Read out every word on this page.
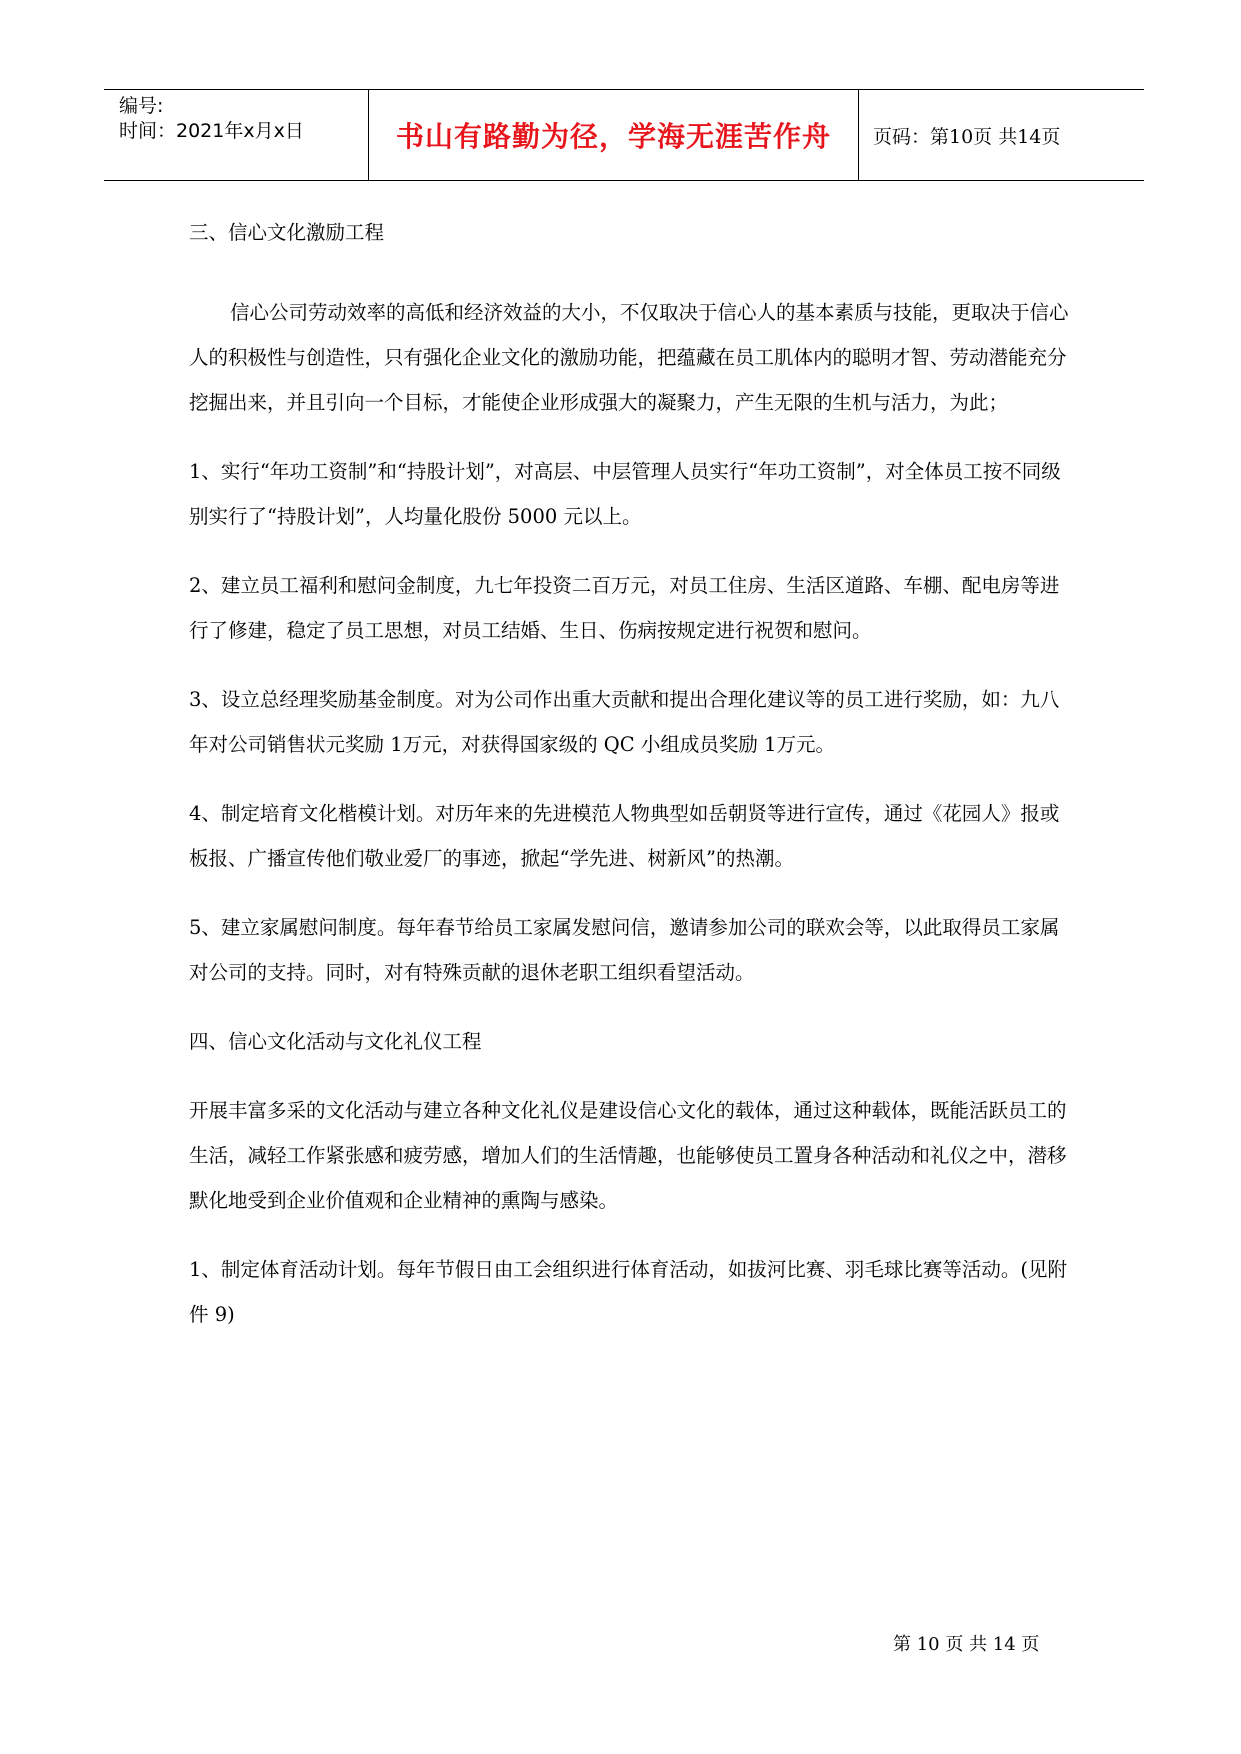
编号:
时间：2021年x月x日	书山有路勤为径，学海无涯苦作舟 页码：第10页 共14页

三、信心文化激励工程

信心公司劳动效率的高低和经济效益的大小，不仅取决于信心人的基本素质与技能，更取决于信心人的积极性与创造性，只有强化企业文化的激励功能，把蕴藏在员工肌体内的聪明才智、劳动潜能充分挖掘出来，并且引向一个目标，才能使企业形成强大的凝聚力，产生无限的生机与活力，为此；

1、实行“年功工资制”和“持股计划”，对高层、中层管理人员实行“年功工资制”，对全体员工按不同级别实行了“持股计划”，人均量化股份 5000 元以上。

2、建立员工福利和慰问金制度，九七年投资二百万元，对员工住房、生活区道路、车棚、配电房等进行了修建，稳定了员工思想，对员工结婚、生日、伤病按规定进行祝贺和慰问。

3、设立总经理奖励基金制度。对为公司作出重大贡献和提出合理化建议等的员工进行奖励，如：九八年对公司销售状元奖励 1万元，对获得国家级的 QC 小组成员奖励 1万元。

4、制定培育文化楷模计划。对历年来的先进模范人物典型如岳朝贤等进行宣传，通过《花园人》报或板报、广播宣传他们敬业爱厂的事迹，掀起“学先进、树新风”的热潮。

5、建立家属慰问制度。每年春节给员工家属发慰问信，邀请参加公司的联欢会等，以此取得员工家属对公司的支持。同时，对有特殊贡献的退休老职工组织看望活动。

四、信心文化活动与文化礼仪工程

开展丰富多采的文化活动与建立各种文化礼仪是建设信心文化的载体，通过这种载体，既能活跃员工的生活，减轻工作紧张感和疲劳感，增加人们的生活情趣，也能够使员工置身各种活动和礼仪之中，潜移默化地受到企业价值观和企业精神的熏陶与感染。

1、制定体育活动计划。每年节假日由工会组织进行体育活动，如拔河比赛、羽毛球比赛等活动。(见附件 9)

第 10 页 共 14 页
